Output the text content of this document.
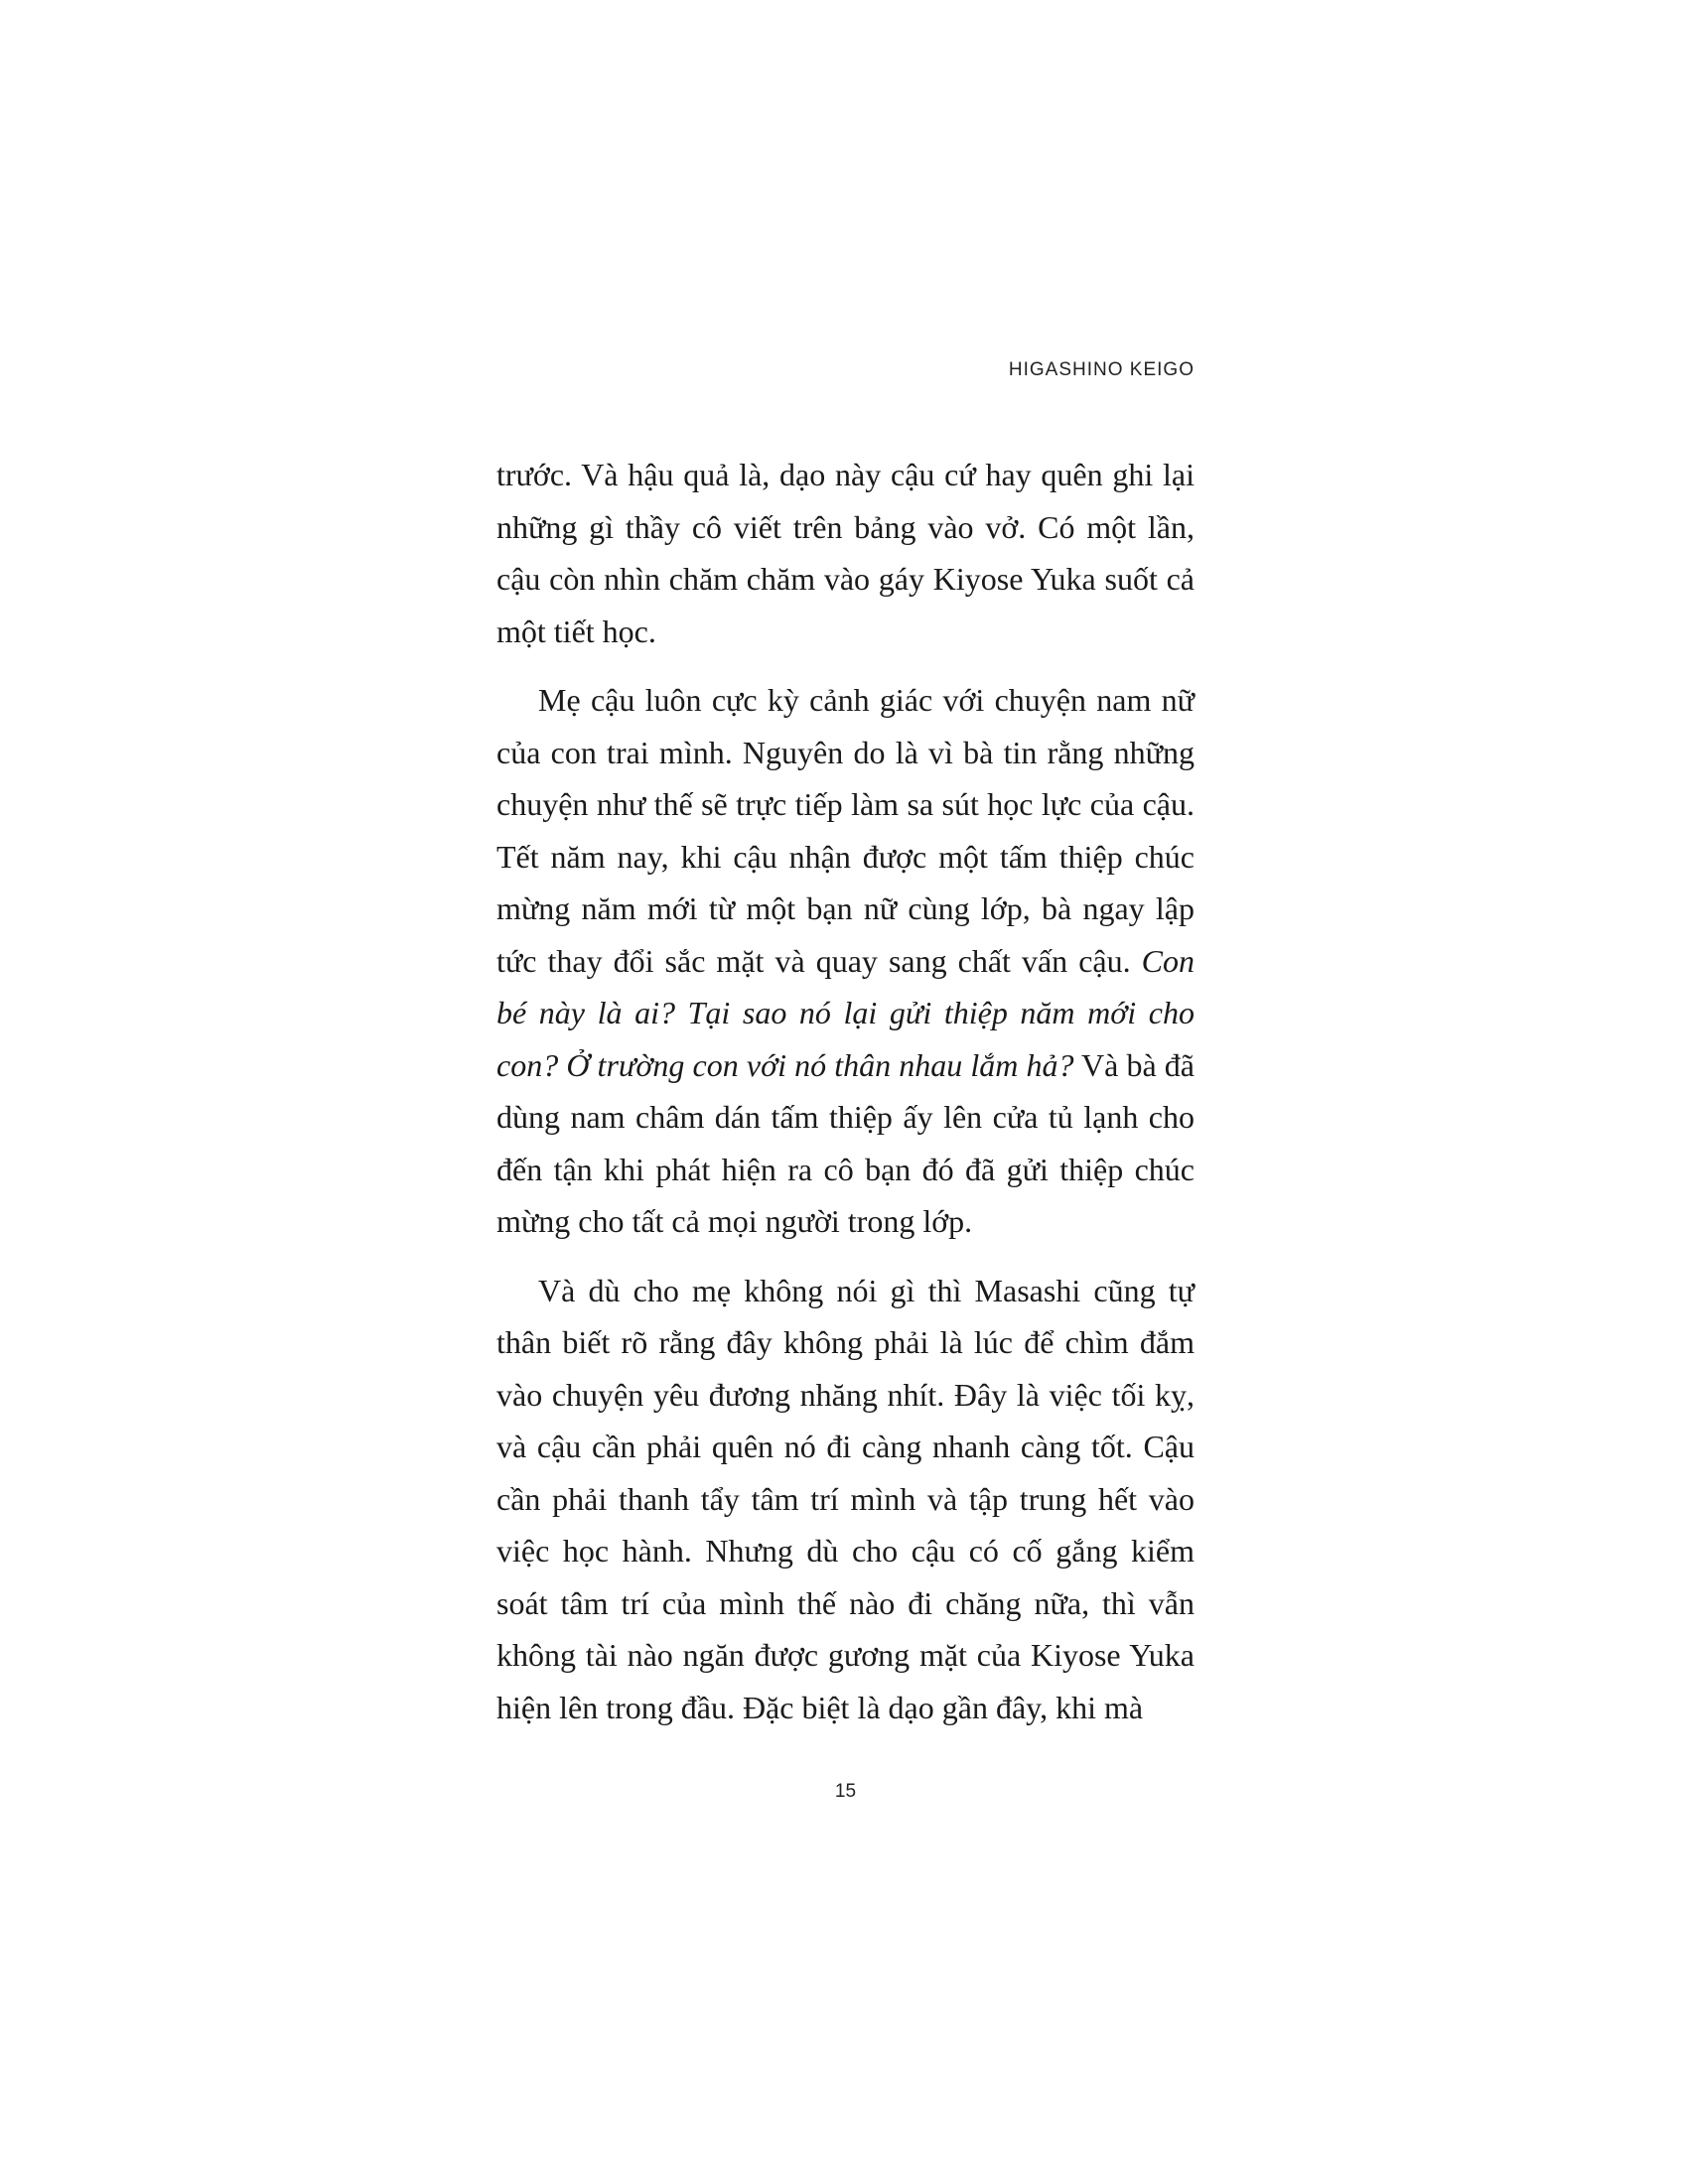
HIGASHINO KEIGO

trước. Và hậu quả là, dạo này cậu cứ hay quên ghi lại những gì thầy cô viết trên bảng vào vở. Có một lần, cậu còn nhìn chăm chăm vào gáy Kiyose Yuka suốt cả một tiết học.

Mẹ cậu luôn cực kỳ cảnh giác với chuyện nam nữ của con trai mình. Nguyên do là vì bà tin rằng những chuyện như thế sẽ trực tiếp làm sa sút học lực của cậu. Tết năm nay, khi cậu nhận được một tấm thiệp chúc mừng năm mới từ một bạn nữ cùng lớp, bà ngay lập tức thay đổi sắc mặt và quay sang chất vấn cậu. Con bé này là ai? Tại sao nó lại gửi thiệp năm mới cho con? Ở trường con với nó thân nhau lắm hả? Và bà đã dùng nam châm dán tấm thiệp ấy lên cửa tủ lạnh cho đến tận khi phát hiện ra cô bạn đó đã gửi thiệp chúc mừng cho tất cả mọi người trong lớp.

Và dù cho mẹ không nói gì thì Masashi cũng tự thân biết rõ rằng đây không phải là lúc để chìm đắm vào chuyện yêu đương nhăng nhít. Đây là việc tối kỵ, và cậu cần phải quên nó đi càng nhanh càng tốt. Cậu cần phải thanh tẩy tâm trí mình và tập trung hết vào việc học hành. Nhưng dù cho cậu có cố gắng kiểm soát tâm trí của mình thế nào đi chăng nữa, thì vẫn không tài nào ngăn được gương mặt của Kiyose Yuka hiện lên trong đầu. Đặc biệt là dạo gần đây, khi mà

15
